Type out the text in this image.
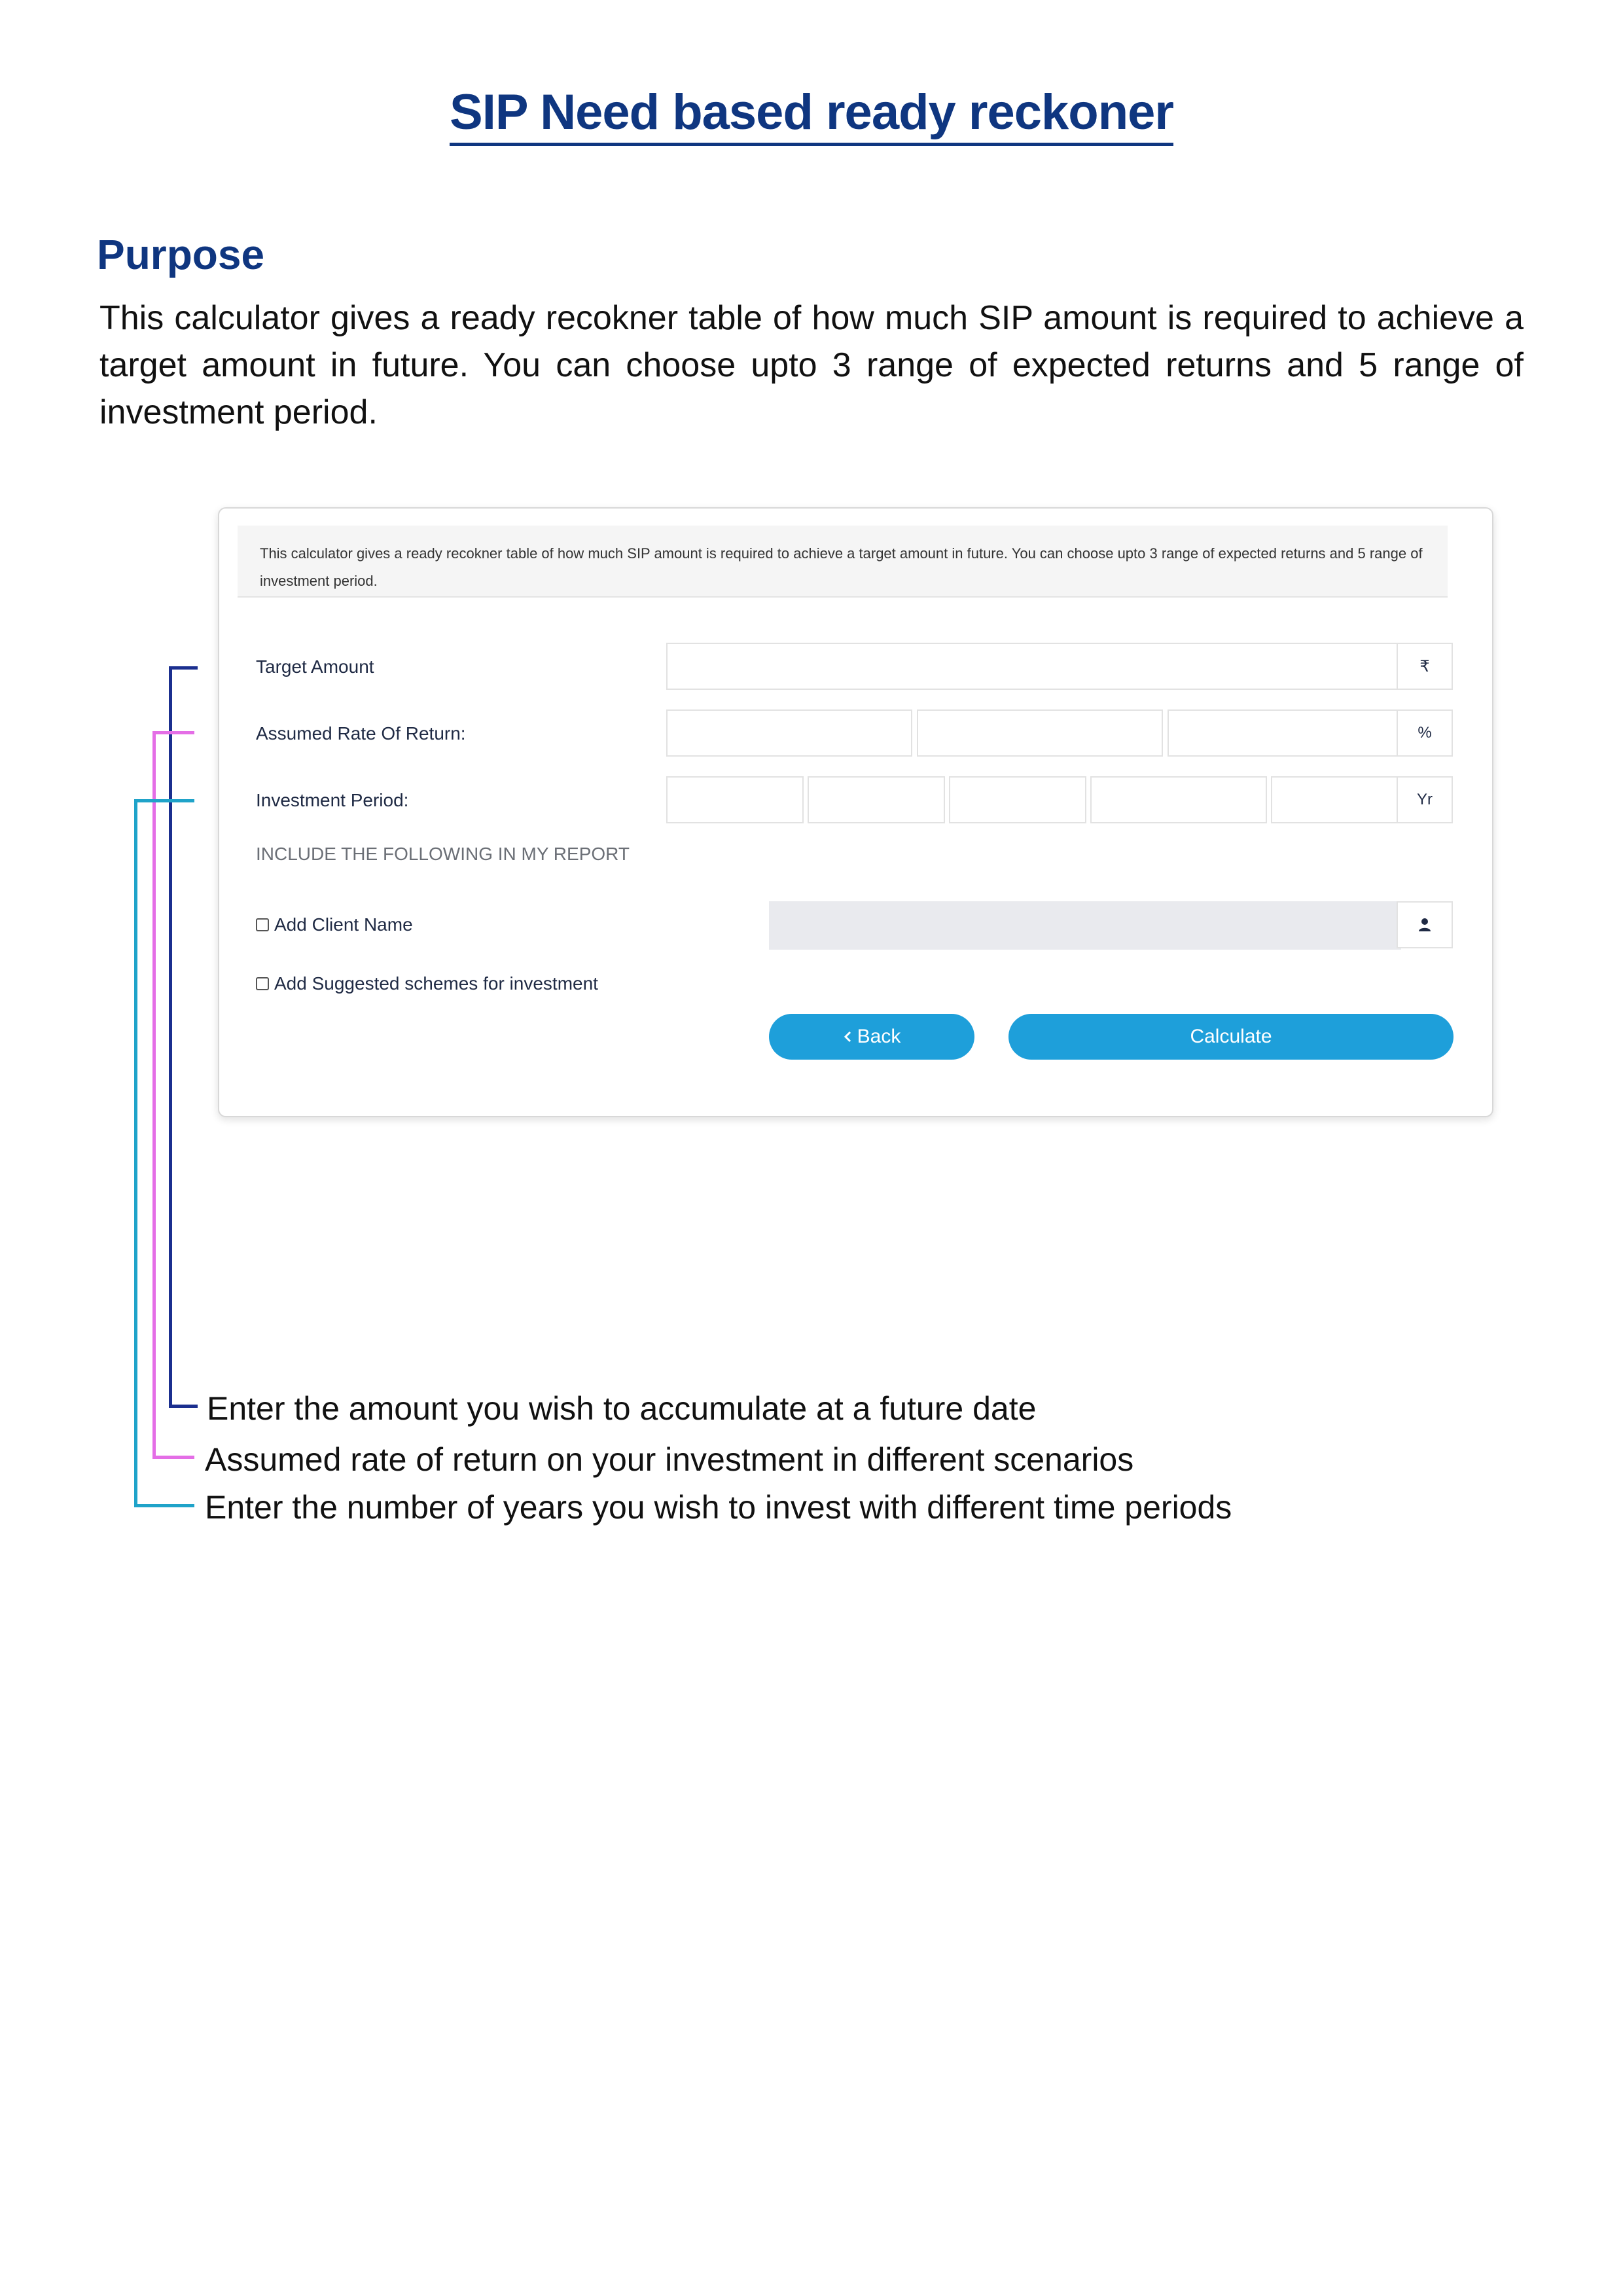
SIP Need based ready reckoner
Purpose
This calculator gives a ready recokner table of how much SIP amount is required to achieve a target amount in future. You can choose upto 3 range of expected returns and 5 range of investment period.
This calculator gives a ready recokner table of how much SIP amount is required to achieve a target amount in future. You can choose upto 3 range of expected returns and 5 range of investment period.
Target Amount	₹
Assumed Rate Of Return:	%
Investment Period:	Yr
INCLUDE THE FOLLOWING IN MY REPORT
Add Client Name
Add Suggested schemes for investment
Back	Calculate
Enter the amount you wish to accumulate at a future date
Assumed rate of return on your investment in different scenarios
Enter the number of years you wish to invest with different time periods
